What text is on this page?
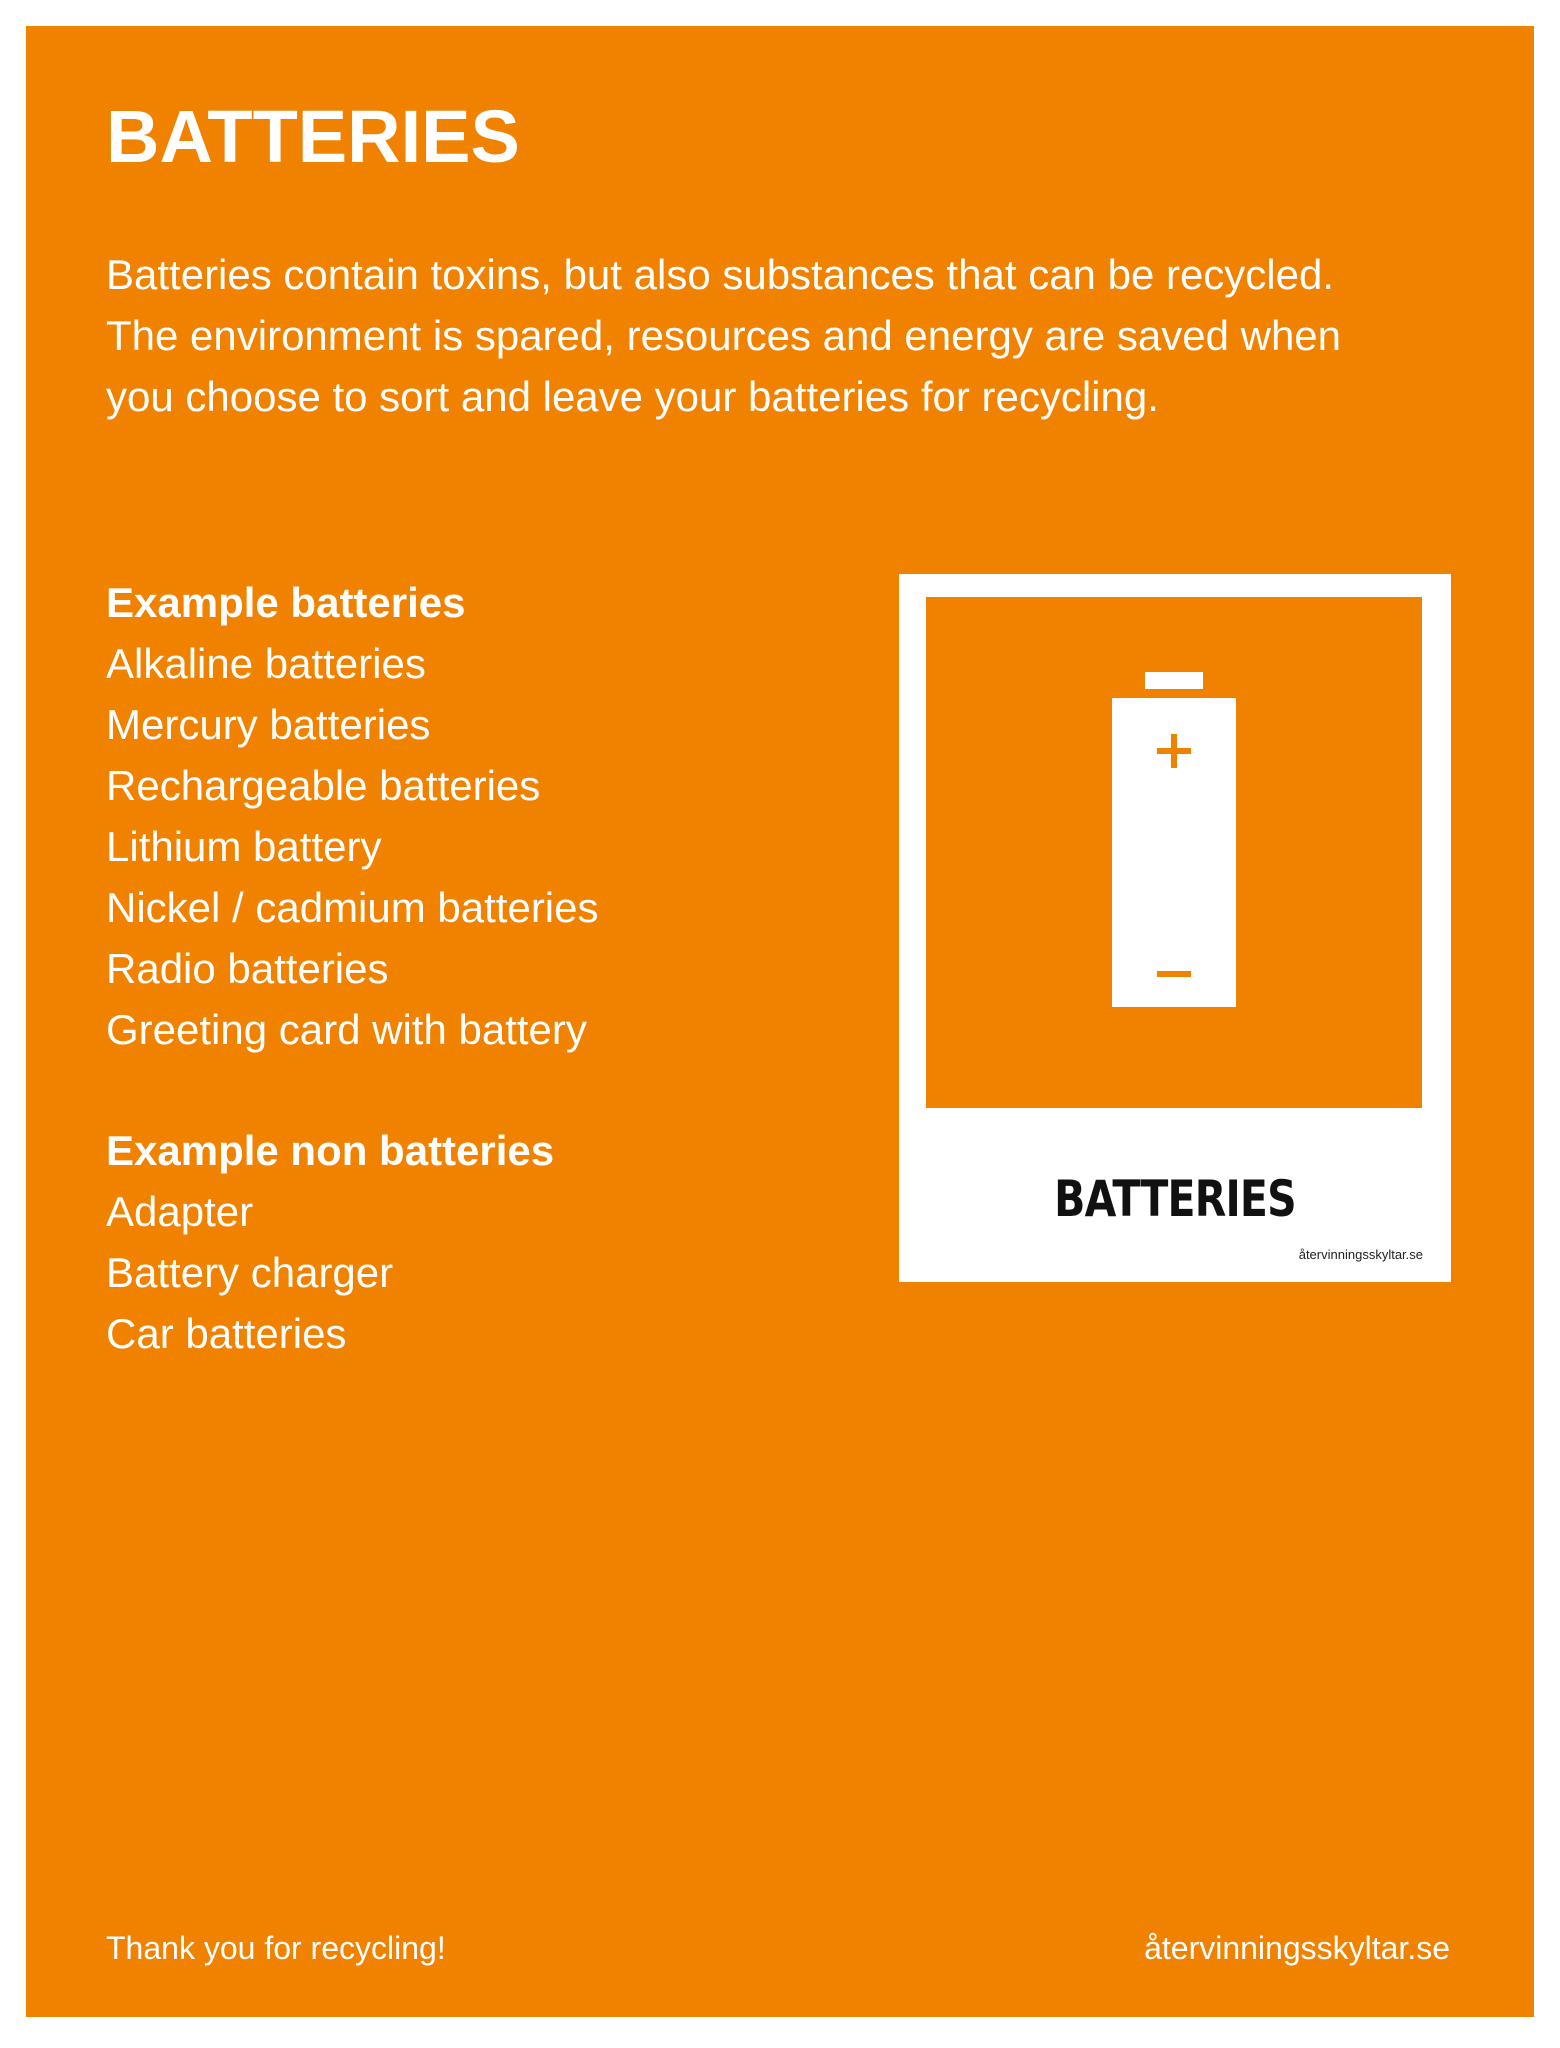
BATTERIES

Batteries contain toxins, but also substances that can be recycled.
The environment is spared, resources and energy are saved when
you choose to sort and leave your batteries for recycling.

Example batteries
Alkaline batteries
Mercury batteries
Rechargeable batteries
Lithium battery
Nickel / cadmium batteries
Radio batteries
Greeting card with battery
Example non batteries
Adapter
Battery charger
Car batteries
BATTERIES
återvinningsskyltar.se
Thank you for recycling!	återvinningsskyltar.se
